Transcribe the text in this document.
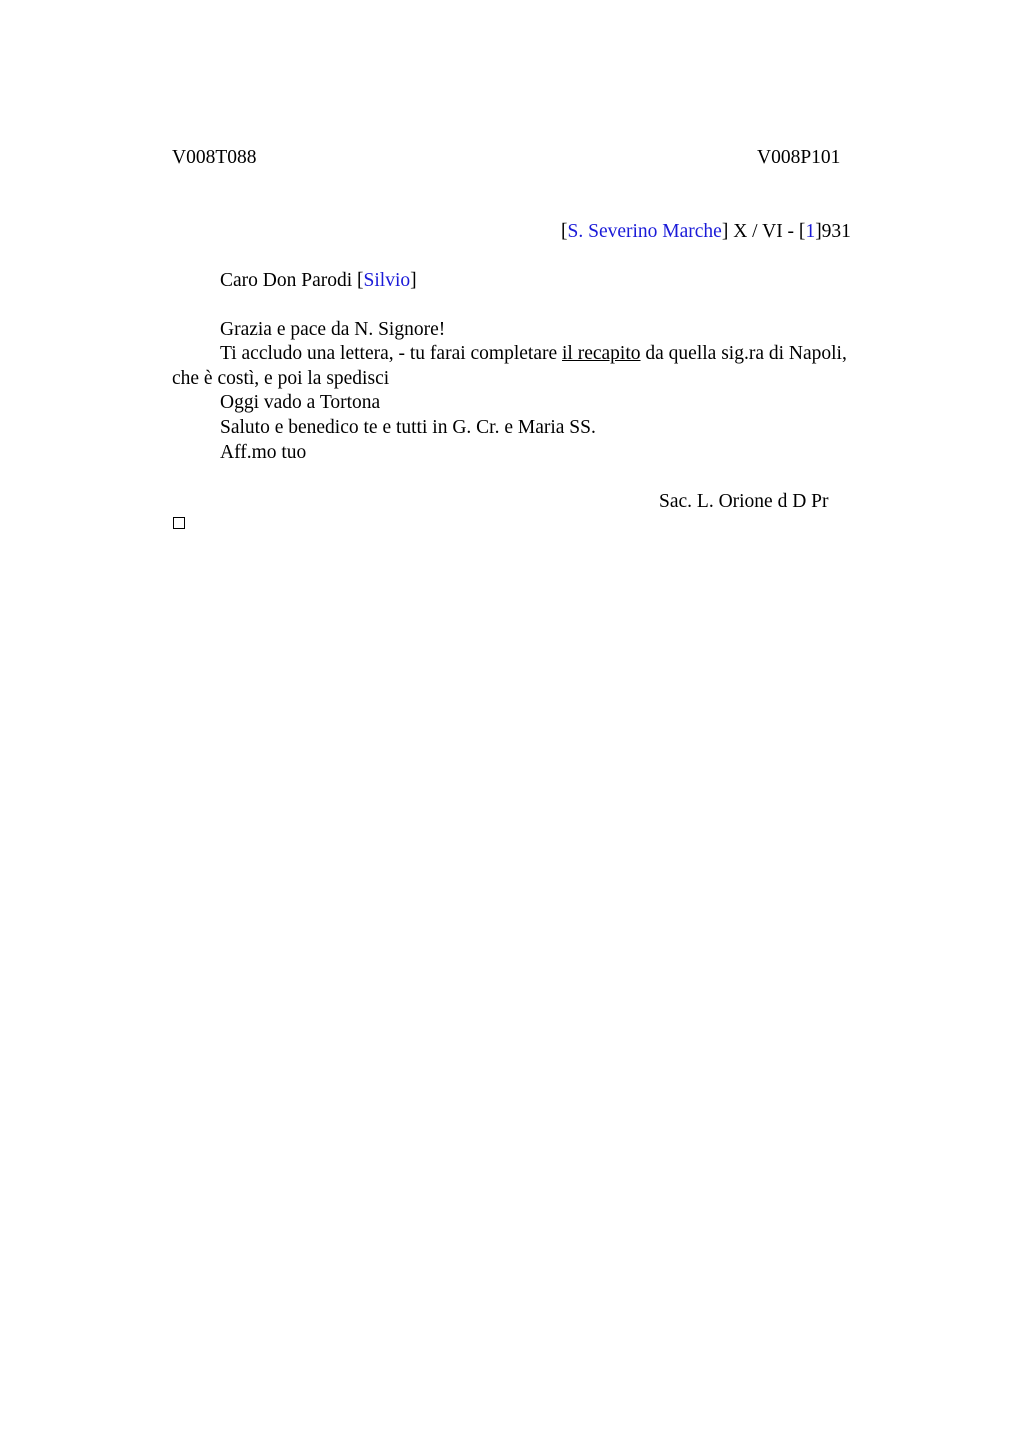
V008T088	V008P101
[S. Severino Marche] X / VI - [1]931
Caro Don Parodi [Silvio]
Grazia e pace da N. Signore!
Ti accludo una lettera, - tu farai completare il recapito da quella sig.ra di Napoli,
che è costì, e poi la spedisci
Oggi vado a Tortona
Saluto e benedico te e tutti in G. Cr. e Maria SS.
Aff.mo tuo
Sac. L. Orione d D Pr
